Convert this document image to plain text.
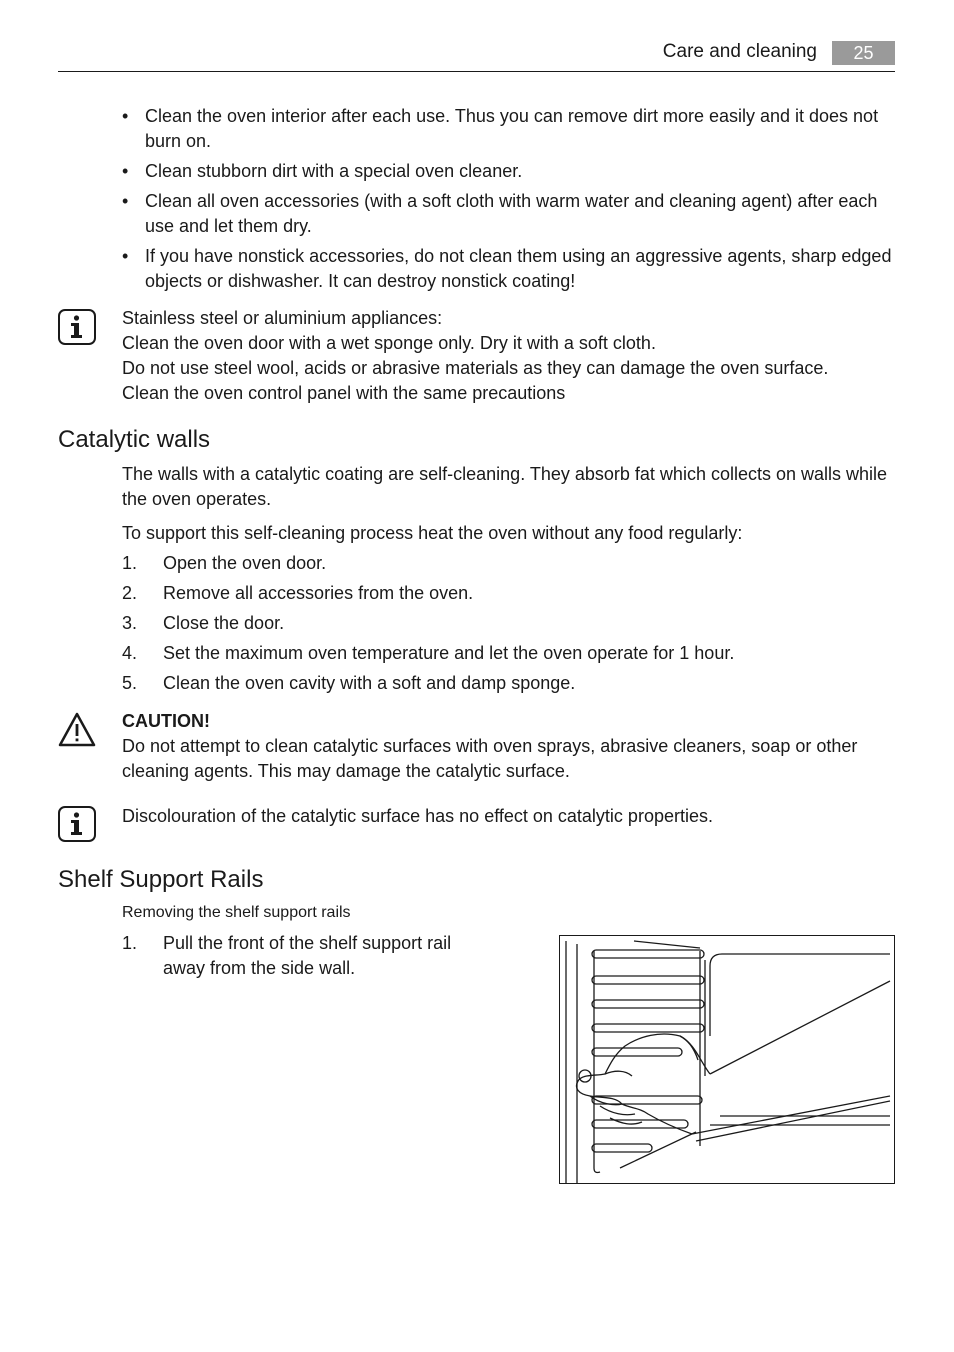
Care and cleaning	25
• Clean the oven interior after each use. Thus you can remove dirt more easily and it does not burn on.
• Clean stubborn dirt with a special oven cleaner.
• Clean all oven accessories (with a soft cloth with warm water and cleaning agent) after each use and let them dry.
• If you have nonstick accessories, do not clean them using an aggressive agents, sharp edged objects or dishwasher. It can destroy nonstick coating!
Stainless steel or aluminium appliances:
Clean the oven door with a wet sponge only. Dry it with a soft cloth.
Do not use steel wool, acids or abrasive materials as they can damage the oven surface.
Clean the oven control panel with the same precautions
Catalytic walls
The walls with a catalytic coating are self-cleaning. They absorb fat which collects on walls while the oven operates.
To support this self-cleaning process heat the oven without any food regularly:
1. Open the oven door.
2. Remove all accessories from the oven.
3. Close the door.
4. Set the maximum oven temperature and let the oven operate for 1 hour.
5. Clean the oven cavity with a soft and damp sponge.
CAUTION!
Do not attempt to clean catalytic surfaces with oven sprays, abrasive cleaners, soap or other cleaning agents. This may damage the catalytic surface.
Discolouration of the catalytic surface has no effect on catalytic properties.
Shelf Support Rails
Removing the shelf support rails
1.	Pull the front of the shelf support rail away from the side wall.
